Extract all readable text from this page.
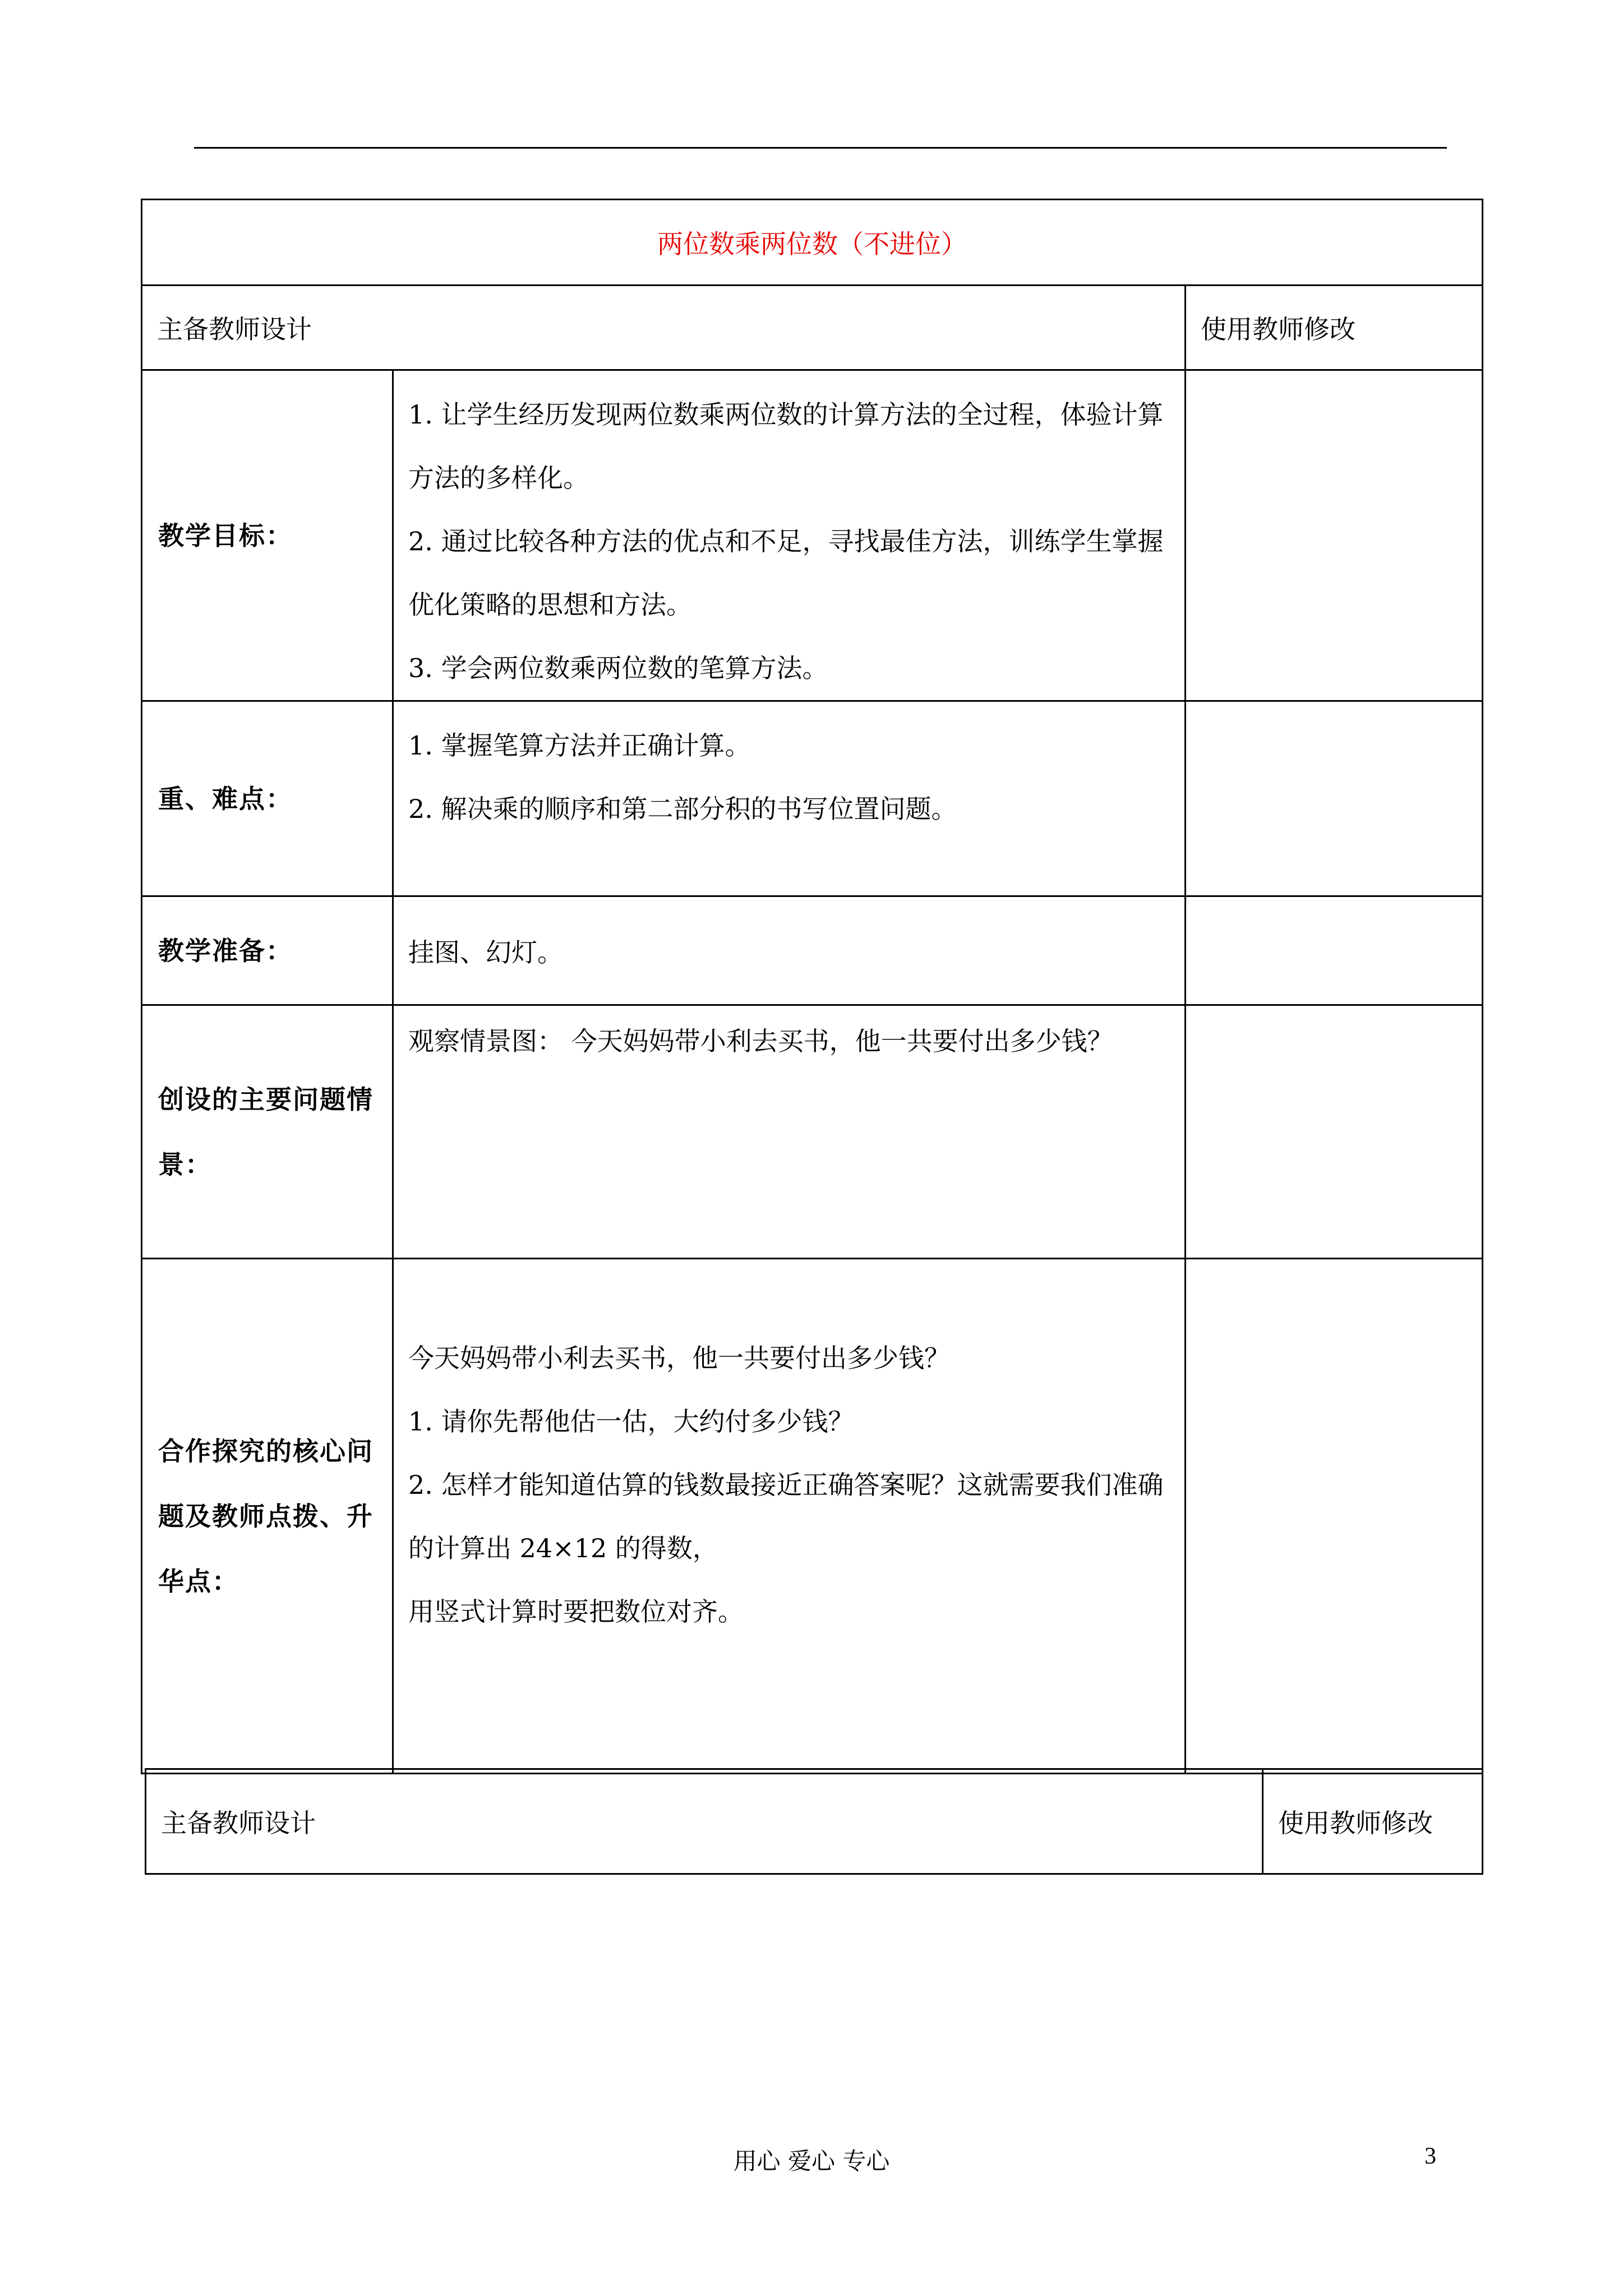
两位数乘两位数（不进位）		
主备教师设计		使用教师修改
教学目标：	1. 让学生经历发现两位数乘两位数的计算方法的全过程，体验计算方法的多样化。

2. 通过比较各种方法的优点和不足，寻找最佳方法，训练学生掌握优化策略的思想和方法。

3. 学会两位数乘两位数的笔算方法。	

重、难点：	1. 掌握笔算方法并正确计算。

2. 解决乘的顺序和第二部分积的书写位置问题。	

教学准备：	挂图、幻灯。	
创设的主要问题情景：	观察情景图： 今天妈妈带小利去买书，他一共要付出多少钱？	

合作探究的核心问题及教师点拨、升华点：	今天妈妈带小利去买书，他一共要付出多少钱？

1. 请你先帮他估一估，大约付多少钱？

2. 怎样才能知道估算的钱数最接近正确答案呢？这就需要我们准确的计算出 24×12 的得数，

用竖式计算时要把数位对齐。	

主备教师设计	使用教师修改
用心 爱心 专心	3
